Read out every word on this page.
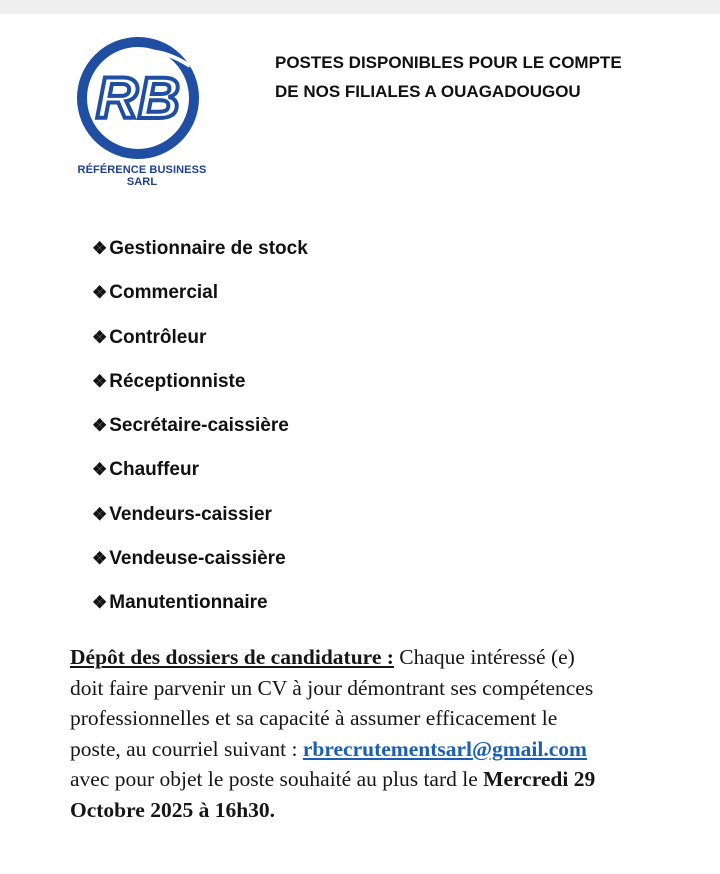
RB
RÉFÉRENCE BUSINESS SARL
POSTES DISPONIBLES POUR LE COMPTE
DE NOS FILIALES A OUAGADOUGOU
❖ Gestionnaire de stock
❖ Commercial
❖ Contrôleur
❖ Réceptionniste
❖ Secrétaire-caissière
❖ Chauffeur
❖ Vendeurs-caissier
❖ Vendeuse-caissière
❖ Manutentionnaire
Dépôt des dossiers de candidature : Chaque intéressé (e)
doit faire parvenir un CV à jour démontrant ses compétences
professionnelles et sa capacité à assumer efficacement le
poste, au courriel suivant : rbrecrutementsarl@gmail.com
avec pour objet le poste souhaité au plus tard le Mercredi 29
Octobre 2025 à 16h30.
